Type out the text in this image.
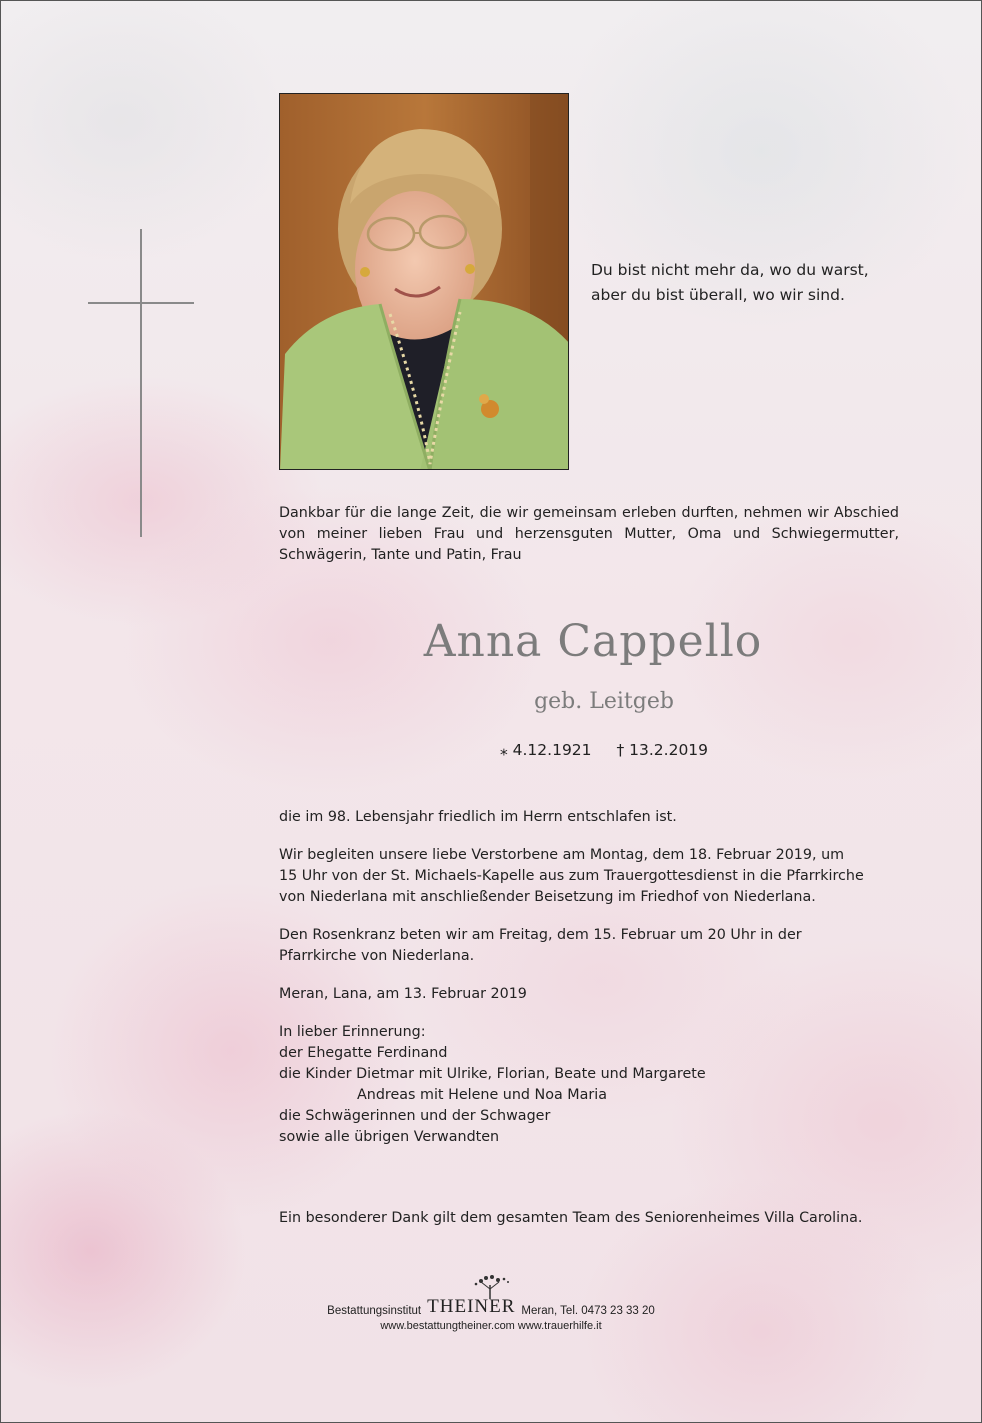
Du bist nicht mehr da, wo du warst,
aber du bist überall, wo wir sind.
Dankbar für die lange Zeit, die wir gemeinsam erleben durften, nehmen wir Abschied von meiner lieben Frau und herzensguten Mutter, Oma und Schwiegermutter, Schwägerin, Tante und Patin, Frau
Anna Cappello
geb. Leitgeb
⁎ 4.12.1921 † 13.2.2019

die im 98. Lebensjahr friedlich im Herrn entschlafen ist.

Wir begleiten unsere liebe Verstorbene am Montag, dem 18. Februar 2019, um
15 Uhr von der St. Michaels-Kapelle aus zum Trauergottesdienst in die Pfarrkirche
von Niederlana mit anschließender Beisetzung im Friedhof von Niederlana.

Den Rosenkranz beten wir am Freitag, dem 15. Februar um 20 Uhr in der
Pfarrkirche von Niederlana.

Meran, Lana, am 13. Februar 2019

In lieber Erinnerung:
der Ehegatte Ferdinand
die Kinder Dietmar mit Ulrike, Florian, Beate und Margarete
Andreas mit Helene und Noa Maria
die Schwägerinnen und der Schwager
sowie alle übrigen Verwandten

Ein besonderer Dank gilt dem gesamten Team des Seniorenheimes Villa Carolina.
Bestattungsinstitut THEINER Meran, Tel. 0473 23 33 20
www.bestattungtheiner.com www.trauerhilfe.it
